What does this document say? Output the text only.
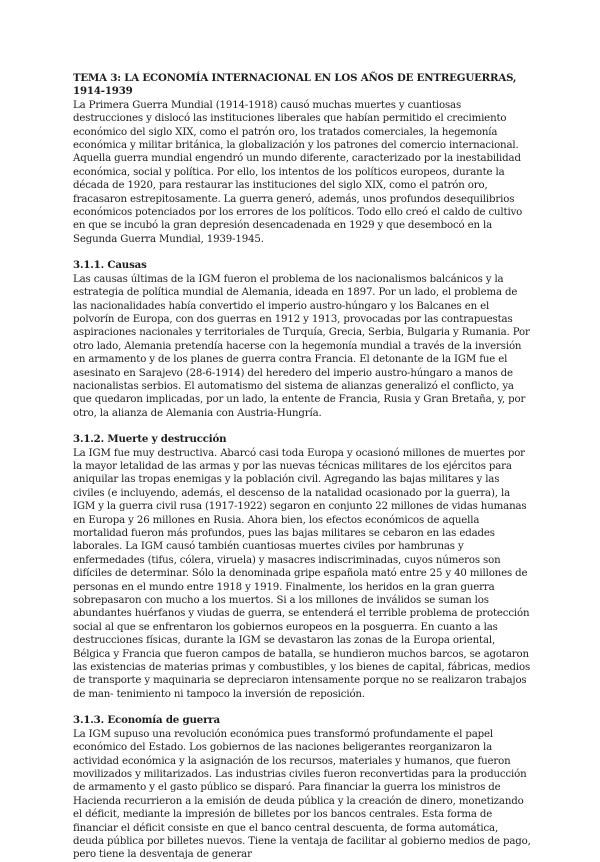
TEMA 3: LA ECONOMÍA INTERNACIONAL EN LOS AÑOS DE ENTREGUERRAS, 1914-1939

La Primera Guerra Mundial (1914-1918) causó muchas muertes y cuantiosas destrucciones y dislocó las instituciones liberales que habían permitido el crecimiento económico del siglo XIX, como el patrón oro, los tratados comerciales, la hegemonía económica y militar británica, la globalización y los patrones del comercio internacional. Aquella guerra mundial engendró un mundo diferente, caracterizado por la inestabilidad económica, social y política. Por ello, los intentos de los políticos europeos, durante la década de 1920, para restaurar las instituciones del siglo XIX, como el patrón oro, fracasaron estrepitosamente. La guerra generó, además, unos profundos desequilibrios económicos potenciados por los errores de los políticos. Todo ello creó el caldo de cultivo en que se incubó la gran depresión desencadenada en 1929 y que desembocó en la Segunda Guerra Mundial, 1939-1945.

3.1.1. Causas

Las causas últimas de la IGM fueron el problema de los nacionalismos balcánicos y la estrategia de política mundial de Alemania, ideada en 1897. Por un lado, el problema de las nacionalidades había convertido el imperio austro-húngaro y los Balcanes en el polvorín de Europa, con dos guerras en 1912 y 1913, provocadas por las contrapuestas aspiraciones nacionales y territoriales de Turquía, Grecia, Serbia, Bulgaria y Rumania. Por otro lado, Alemania pretendía hacerse con la hegemonía mundial a través de la inversión en armamento y de los planes de guerra contra Francia. El detonante de la IGM fue el asesinato en Sarajevo (28-6-1914) del heredero del imperio austro-húngaro a manos de nacionalistas serbios. El automatismo del sistema de alianzas generalizó el conflicto, ya que quedaron implicadas, por un lado, la entente de Francia, Rusia y Gran Bretaña, y, por otro, la alianza de Alemania con Austria-Hungría.

3.1.2. Muerte y destrucción

La IGM fue muy destructiva. Abarcó casi toda Europa y ocasionó millones de muertes por la mayor letalidad de las armas y por las nuevas técnicas militares de los ejércitos para aniquilar las tropas enemigas y la población civil. Agregando las bajas militares y las civiles (e incluyendo, además, el descenso de la natalidad ocasionado por la guerra), la IGM y la guerra civil rusa (1917-1922) segaron en conjunto 22 millones de vidas humanas en Europa y 26 millones en Rusia. Ahora bien, los efectos económicos de aquella mortalidad fueron más profundos, pues las bajas militares se cebaron en las edades laborales. La IGM causó también cuantiosas muertes civiles por hambrunas y enfermedades (tifus, cólera, viruela) y masacres indiscriminadas, cuyos números son difíciles de determinar. Sólo la denominada gripe española mató entre 25 y 40 millones de personas en el mundo entre 1918 y 1919. Finalmente, los heridos en la gran guerra sobrepasaron con mucho a los muertos. Si a los millones de inválidos se suman los abundantes huérfanos y viudas de guerra, se entenderá el terrible problema de protección social al que se enfrentaron los gobiernos europeos en la posguerra. En cuanto a las destrucciones físicas, durante la IGM se devastaron las zonas de la Europa oriental, Bélgica y Francia que fueron campos de batalla, se hundieron muchos barcos, se agotaron las existencias de materias primas y combustibles, y los bienes de capital, fábricas, medios de transporte y maquinaria se depreciaron intensamente porque no se realizaron trabajos de man- tenimiento ni tampoco la inversión de reposición.

3.1.3. Economía de guerra

La IGM supuso una revolución económica pues transformó profundamente el papel económico del Estado. Los gobiernos de las naciones beligerantes reorganizaron la actividad económica y la asignación de los recursos, materiales y humanos, que fueron movilizados y militarizados. Las industrias civiles fueron reconvertidas para la producción de armamento y el gasto público se disparó. Para financiar la guerra los ministros de Hacienda recurrieron a la emisión de deuda pública y la creación de dinero, monetizando el déficit, mediante la impresión de billetes por los bancos centrales. Esta forma de financiar el déficit consiste en que el banco central descuenta, de forma automática, deuda pública por billetes nuevos. Tiene la ventaja de facilitar al gobierno medios de pago, pero tiene la desventaja de generar
